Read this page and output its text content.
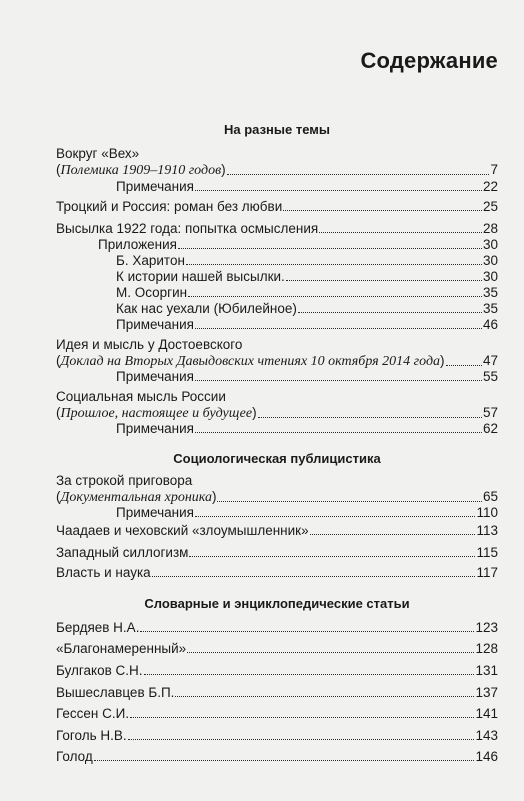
Содержание
На разные темы
Вокруг «Вех»
(Полемика 1909–1910 годов)	7
Примечания	22
Троцкий и Россия: роман без любви	25
Высылка 1922 года: попытка осмысления	28
Приложения	30
Б. Харитон	30
К истории нашей высылки.	30
М. Осоргин	35
Как нас уехали (Юбилейное)	35
Примечания	46
Идея и мысль у Достоевского
(Доклад на Вторых Давыдовских чтениях 10 октября 2014 года)	47
Примечания	55
Социальная мысль России
(Прошлое, настоящее и будущее)	57
Примечания	62
Социологическая публицистика
За строкой приговора
(Документальная хроника)	65
Примечания	110
Чаадаев и чеховский «злоумышленник»	113
Западный силлогизм	115
Власть и наука	117
Словарные и энциклопедические статьи
Бердяев Н.А.	123
«Благонамеренный»	128
Булгаков С.Н.	131
Вышеславцев Б.П.	137
Гессен С.И.	141
Гоголь Н.В.	143
Голод	146
